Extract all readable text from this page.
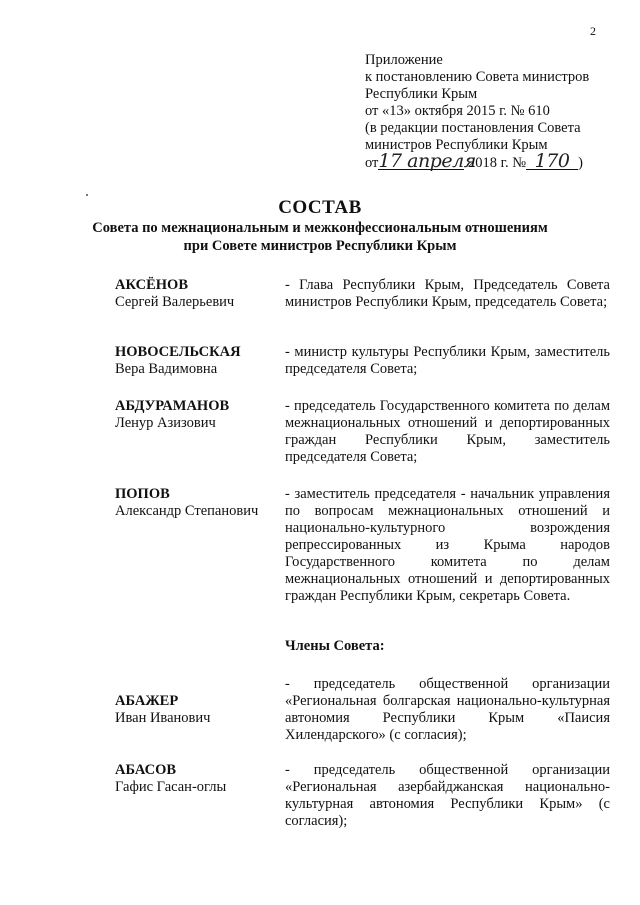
2
Приложение
к постановлению Совета министров
Республики Крым
от «13» октября 2015 г. № 610
(в редакции постановления Совета
министров Республики Крым
от17 апреля 2018 г. № 170 )
СОСТАВ
Совета по межнациональным и межконфессиональным отношениям
при Совете министров Республики Крым
АКСЁНОВ
Сергей Валерьевич
- Глава Республики Крым, Председатель Совета министров Республики Крым, председатель Совета;
НОВОСЕЛЬСКАЯ
Вера Вадимовна
- министр культуры Республики Крым, заместитель председателя Совета;
АБДУРАМАНОВ
Ленур Азизович
- председатель Государственного комитета по делам межнациональных отношений и депортированных граждан Республики Крым, заместитель председателя Совета;
ПОПОВ
Александр Степанович
- заместитель председателя - начальник управления по вопросам межнациональных отношений и национально-культурного возрождения репрессированных из Крыма народов Государственного комитета по делам межнациональных отношений и депортированных граждан Республики Крым, секретарь Совета.
Члены Совета:
АБАЖЕР
Иван Иванович
- председатель общественной организации «Региональная болгарская национально-культурная автономия Республики Крым «Паисия Хилендарского» (с согласия);
АБАСОВ
Гафис Гасан-оглы
- председатель общественной организации «Региональная азербайджанская национально-культурная автономия Республики Крым» (с согласия);
